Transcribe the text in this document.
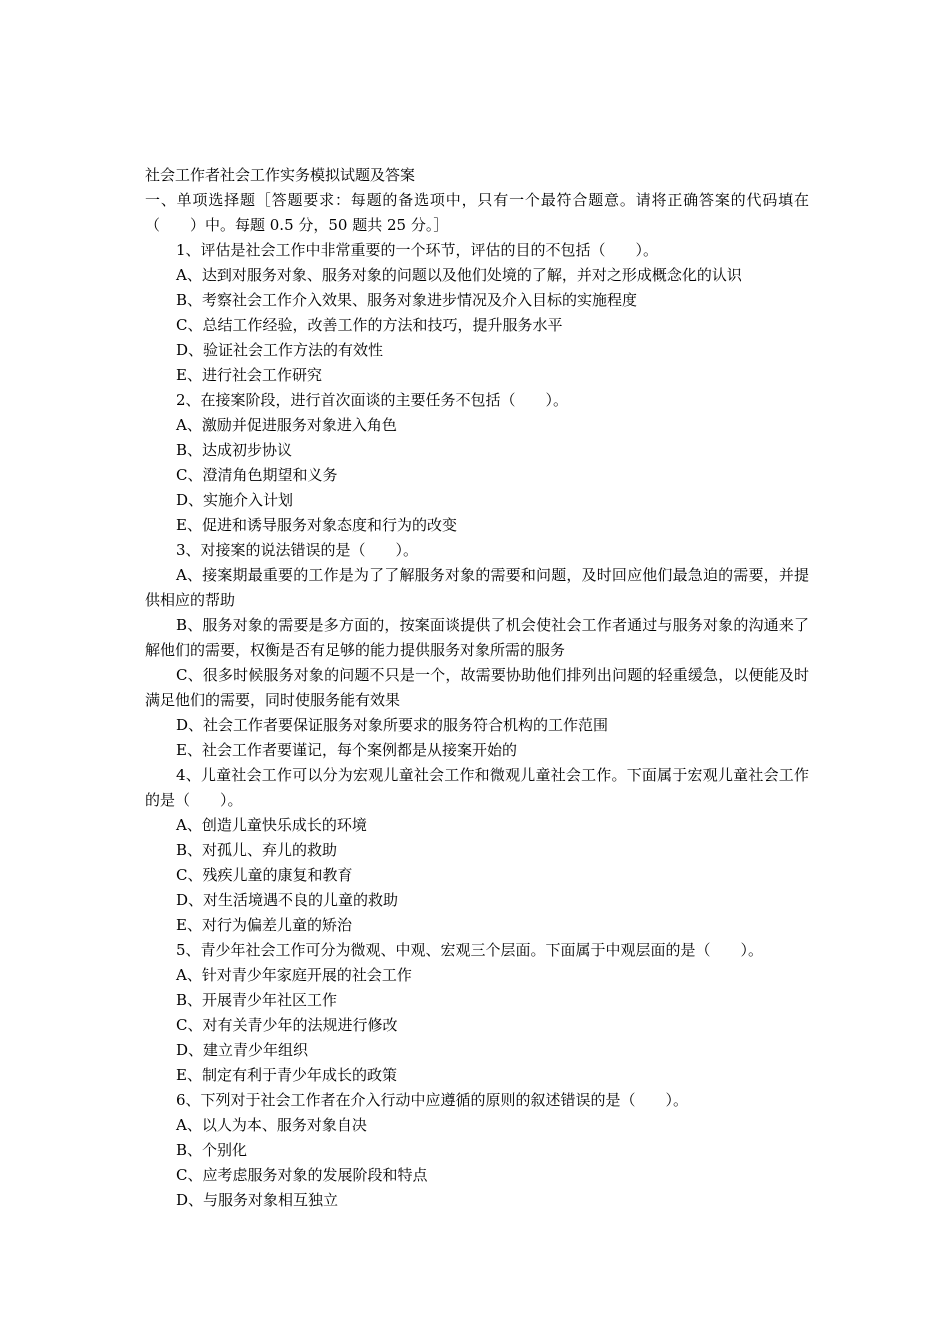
社会工作者社会工作实务模拟试题及答案
一、单项选择题［答题要求：每题的备选项中，只有一个最符合题意。请将正确答案的代码填在（　　）中。每题 0.5 分，50 题共 25 分。］
1、评估是社会工作中非常重要的一个环节，评估的目的不包括（　　）。
A、达到对服务对象、服务对象的问题以及他们处境的了解，并对之形成概念化的认识
B、考察社会工作介入效果、服务对象进步情况及介入目标的实施程度
C、总结工作经验，改善工作的方法和技巧，提升服务水平
D、验证社会工作方法的有效性
E、进行社会工作研究
2、在接案阶段，进行首次面谈的主要任务不包括（　　）。
A、激励并促进服务对象进入角色
B、达成初步协议
C、澄清角色期望和义务
D、实施介入计划
E、促进和诱导服务对象态度和行为的改变
3、对接案的说法错误的是（　　）。
A、接案期最重要的工作是为了了解服务对象的需要和问题，及时回应他们最急迫的需要，并提供相应的帮助
B、服务对象的需要是多方面的，按案面谈提供了机会使社会工作者通过与服务对象的沟通来了解他们的需要，权衡是否有足够的能力提供服务对象所需的服务
C、很多时候服务对象的问题不只是一个，故需要协助他们排列出问题的轻重缓急，以便能及时满足他们的需要，同时使服务能有效果
D、社会工作者要保证服务对象所要求的服务符合机构的工作范围
E、社会工作者要谨记，每个案例都是从接案开始的
4、儿童社会工作可以分为宏观儿童社会工作和微观儿童社会工作。下面属于宏观儿童社会工作的是（　　）。
A、创造儿童快乐成长的环境
B、对孤儿、弃儿的救助
C、残疾儿童的康复和教育
D、对生活境遇不良的儿童的救助
E、对行为偏差儿童的矫治
5、青少年社会工作可分为微观、中观、宏观三个层面。下面属于中观层面的是（　　）。
A、针对青少年家庭开展的社会工作
B、开展青少年社区工作
C、对有关青少年的法规进行修改
D、建立青少年组织
E、制定有利于青少年成长的政策
6、下列对于社会工作者在介入行动中应遵循的原则的叙述错误的是（　　）。
A、以人为本、服务对象自决
B、个别化
C、应考虑服务对象的发展阶段和特点
D、与服务对象相互独立
